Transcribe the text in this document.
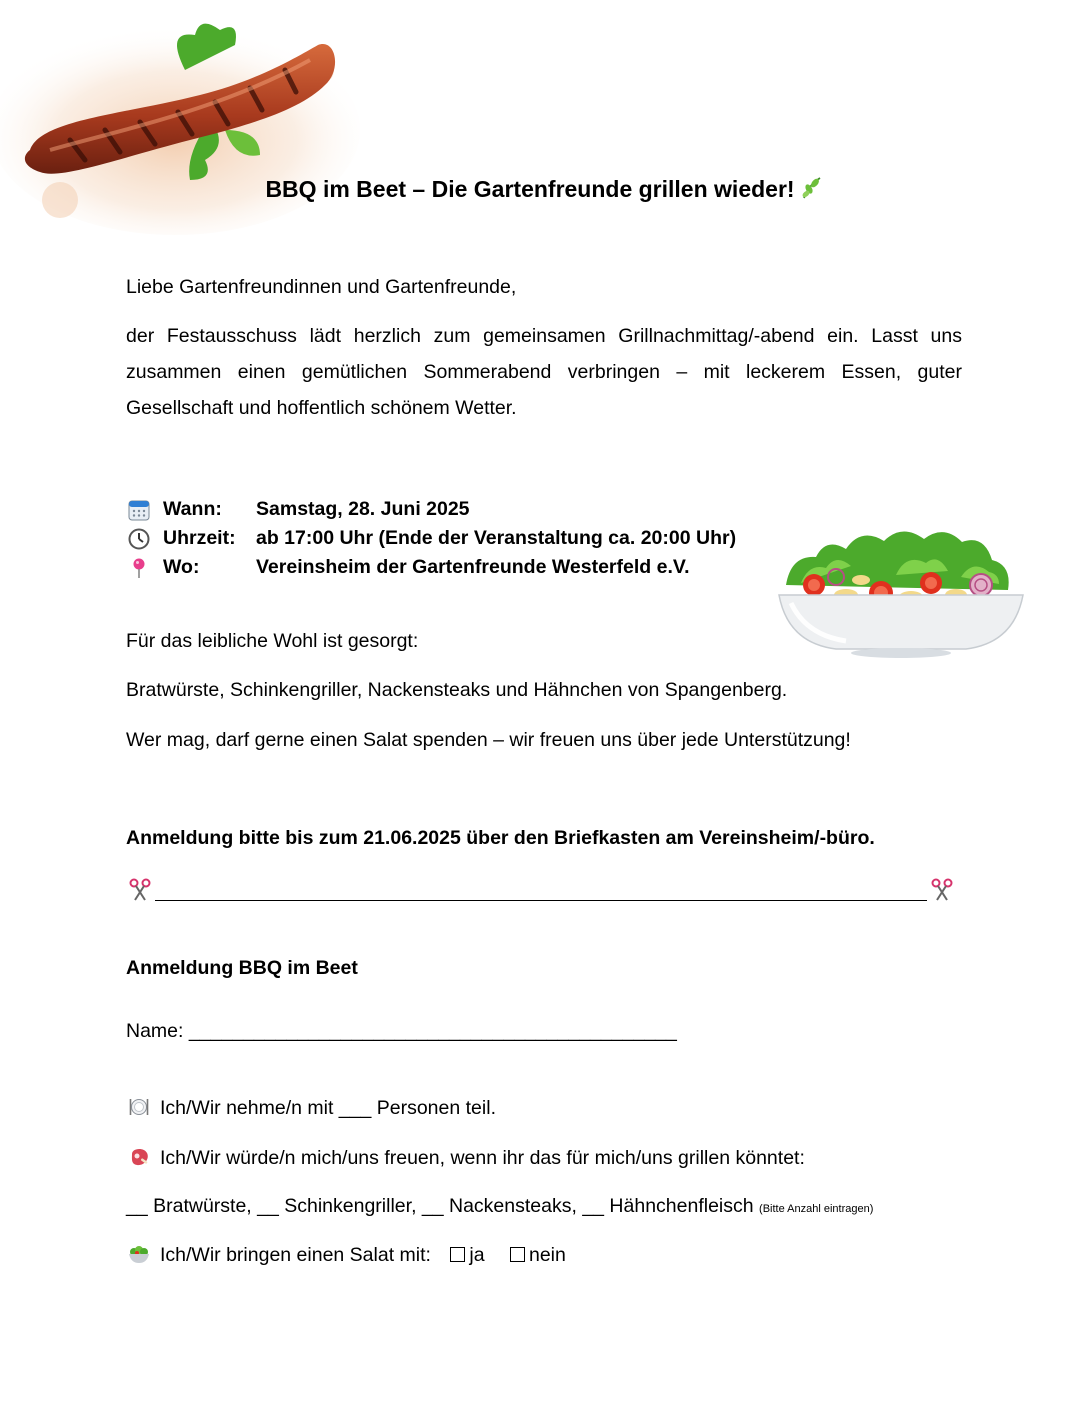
BBQ im Beet – Die Gartenfreunde grillen wieder!
Liebe Gartenfreundinnen und Gartenfreunde,
der Festausschuss lädt herzlich zum gemeinsamen Grillnachmittag/-abend ein. Lasst uns zusammen einen gemütlichen Sommerabend verbringen – mit leckerem Essen, guter Gesellschaft und hoffentlich schönem Wetter.
Wann: Samstag, 28. Juni 2025
Uhrzeit: ab 17:00 Uhr (Ende der Veranstaltung ca. 20:00 Uhr)
Wo:	Vereinsheim der Gartenfreunde Westerfeld e.V.
Für das leibliche Wohl ist gesorgt:
Bratwürste, Schinkengriller, Nackensteaks und Hähnchen von Spangenberg.
Wer mag, darf gerne einen Salat spenden – wir freuen uns über jede Unterstützung!
Anmeldung bitte bis zum 21.06.2025 über den Briefkasten am Vereinsheim/-büro.
Anmeldung BBQ im Beet
Name: _____________________________________________
Ich/Wir nehme/n mit ___ Personen teil.
Ich/Wir würde/n mich/uns freuen, wenn ihr das für mich/uns grillen könntet:
__ Bratwürste, __ Schinkengriller, __ Nackensteaks, __ Hähnchenfleisch (Bitte Anzahl eintragen)
Ich/Wir bringen einen Salat mit: ja nein
